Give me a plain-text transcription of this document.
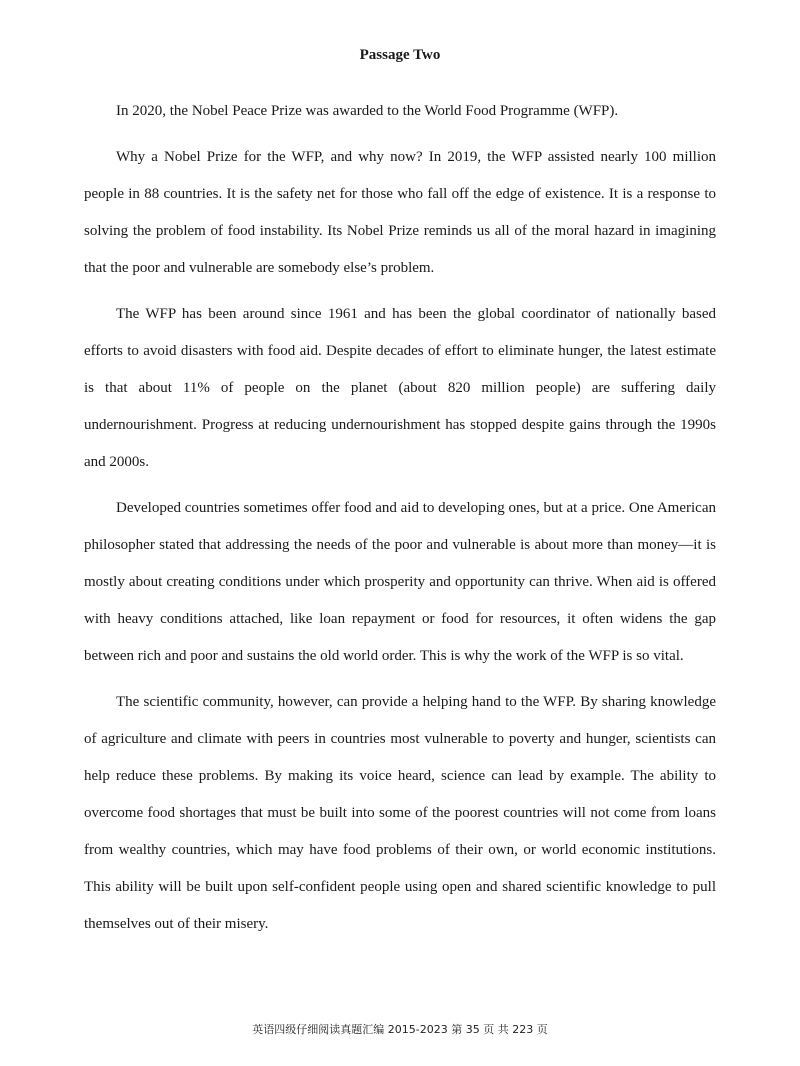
Passage Two

In 2020, the Nobel Peace Prize was awarded to the World Food Programme (WFP).

Why a Nobel Prize for the WFP, and why now? In 2019, the WFP assisted nearly 100 million people in 88 countries. It is the safety net for those who fall off the edge of existence. It is a response to solving the problem of food instability. Its Nobel Prize reminds us all of the moral hazard in imagining that the poor and vulnerable are somebody else’s problem.

The WFP has been around since 1961 and has been the global coordinator of nationally based efforts to avoid disasters with food aid. Despite decades of effort to eliminate hunger, the latest estimate is that about 11% of people on the planet (about 820 million people) are suffering daily undernourishment. Progress at reducing undernourishment has stopped despite gains through the 1990s and 2000s.

Developed countries sometimes offer food and aid to developing ones, but at a price. One American philosopher stated that addressing the needs of the poor and vulnerable is about more than money—it is mostly about creating conditions under which prosperity and opportunity can thrive. When aid is offered with heavy conditions attached, like loan repayment or food for resources, it often widens the gap between rich and poor and sustains the old world order. This is why the work of the WFP is so vital.

The scientific community, however, can provide a helping hand to the WFP. By sharing knowledge of agriculture and climate with peers in countries most vulnerable to poverty and hunger, scientists can help reduce these problems. By making its voice heard, science can lead by example. The ability to overcome food shortages that must be built into some of the poorest countries will not come from loans from wealthy countries, which may have food problems of their own, or world economic institutions. This ability will be built upon self-confident people using open and shared scientific knowledge to pull themselves out of their misery.

英语四级仔细阅读真题汇编 2015-2023 第 35 页 共 223 页
